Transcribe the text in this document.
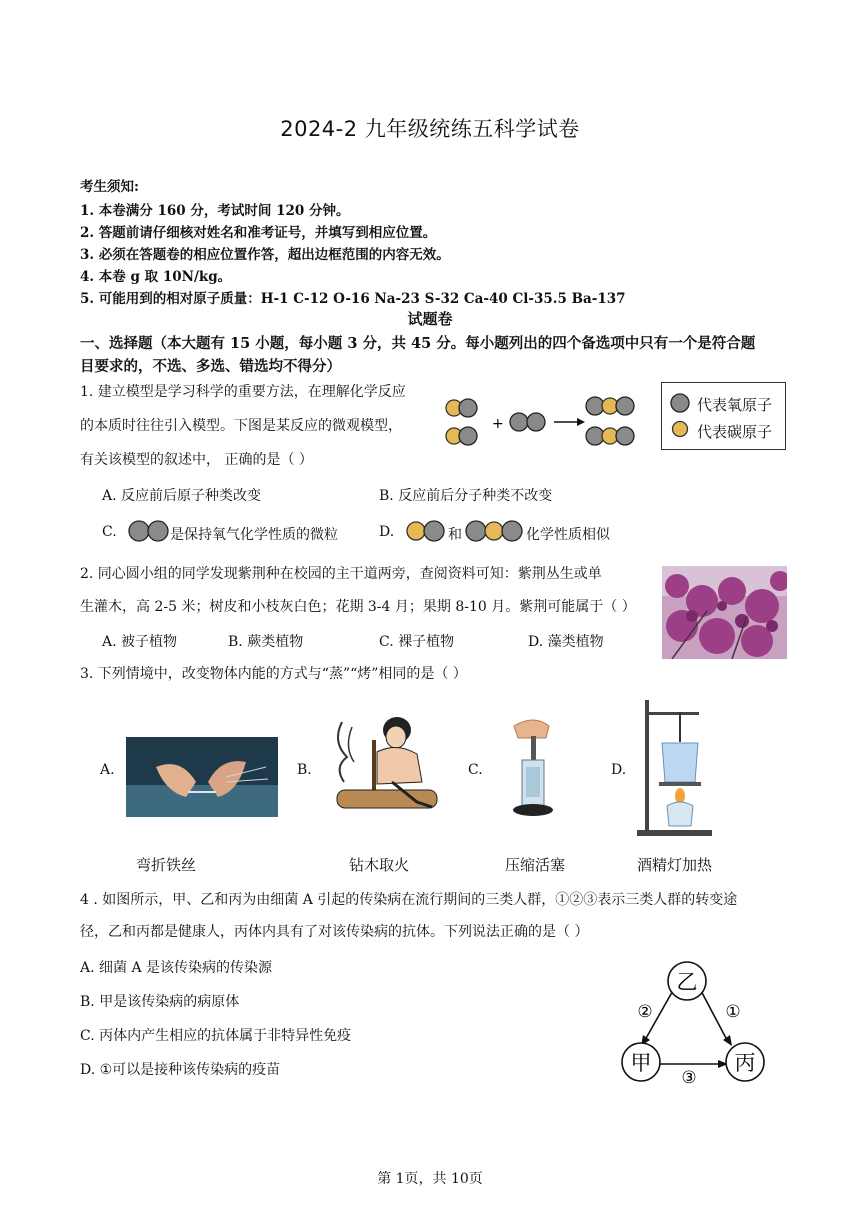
2024-2 九年级统练五科学试卷
考生须知:
1. 本卷满分 160 分，考试时间 120 分钟。
2. 答题前请仔细核对姓名和准考证号，并填写到相应位置。
3. 必须在答题卷的相应位置作答，超出边框范围的内容无效。
4. 本卷 g 取 10N/kg。
5. 可能用到的相对原子质量：H-1 C-12 O-16 Na-23 S-32 Ca-40 Cl-35.5 Ba-137
试题卷
一、选择题（本大题有 15 小题，每小题 3 分，共 45 分。每小题列出的四个备选项中只有一个是符合题
目要求的，不选、多选、错选均不得分）
1. 建立模型是学习科学的重要方法，在理解化学反应
的本质时往往引入模型。下图是某反应的微观模型，
有关该模型的叙述中， 正确的是（ ）
+
代表氧原子
代表碳原子
A. 反应前后原子种类改变	B. 反应前后分子种类不改变
C.	是保持氧气化学性质的微粒	D.	和	化学性质相似
2. 同心圆小组的同学发现紫荆种在校园的主干道两旁，查阅资料可知：紫荆丛生或单
生灌木，高 2-5 米；树皮和小枝灰白色；花期 3-4 月；果期 8-10 月。紫荆可能属于（ ）
A. 被子植物	B. 蕨类植物	C. 裸子植物	D. 藻类植物
3. 下列情境中，改变物体内能的方式与“蒸”“烤”相同的是（ ）
A.	B.	C.	D.
弯折铁丝	钻木取火	压缩活塞	酒精灯加热
4 . 如图所示，甲、乙和丙为由细菌 A 引起的传染病在流行期间的三类人群，①②③表示三类人群的转变途
径，乙和丙都是健康人，丙体内具有了对该传染病的抗体。下列说法正确的是（ ）
A. 细菌 A 是该传染病的传染源
B. 甲是该传染病的病原体
C. 丙体内产生相应的抗体属于非特异性免疫
D. ①可以是接种该传染病的疫苗
乙
甲	丙
②	①
③
第 1页，共 10页
